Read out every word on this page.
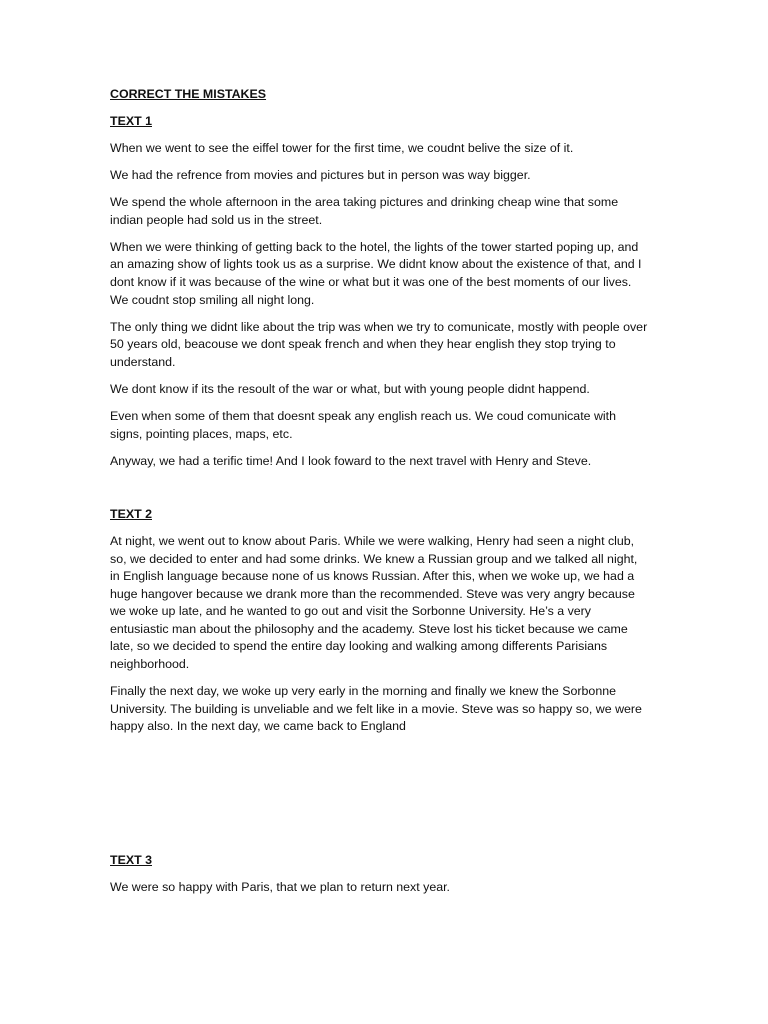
CORRECT THE MISTAKES
TEXT 1

When we went to see the eiffel tower for the first time, we coudnt belive the size of it.

We had the refrence from movies and pictures but in person was way bigger.

We spend the whole afternoon in the area taking pictures and drinking cheap wine that some indian people had sold us in the street.

When we were thinking of getting back to the hotel, the lights of the tower started poping up, and an amazing show of lights took us as a surprise. We didnt know about the existence of that, and I dont know if it was because of the wine or what but it was one of the best moments of our lives. We coudnt stop smiling all night long.

The only thing we didnt like about the trip was when we try to comunicate, mostly with people over 50 years old, beacouse we dont speak french and when they hear english they stop trying to understand.

We dont know if its the resoult of the war or what, but with young people didnt happend.

Even when some of them that doesnt speak any english reach us. We coud comunicate with signs, pointing places, maps, etc.

Anyway, we had a terific time! And I look foward to the next travel with Henry and Steve.

TEXT 2

At night, we went out to know about Paris. While we were walking, Henry had seen a night club, so, we decided to enter and had some drinks. We knew a Russian group and we talked all night, in English language because none of us knows Russian. After this, when we woke up, we had a huge hangover because we drank more than the recommended. Steve was very angry because we woke up late, and he wanted to go out and visit the Sorbonne University. He’s a very entusiastic man about the philosophy and the academy. Steve lost his ticket because we came late, so we decided to spend the entire day looking and walking among differents Parisians neighborhood.

Finally the next day, we woke up very early in the morning and finally we knew the Sorbonne University. The building is unveliable and we felt like in a movie. Steve was so happy so, we were happy also. In the next day, we came back to England

TEXT 3

We were so happy with Paris, that we plan to return next year.
